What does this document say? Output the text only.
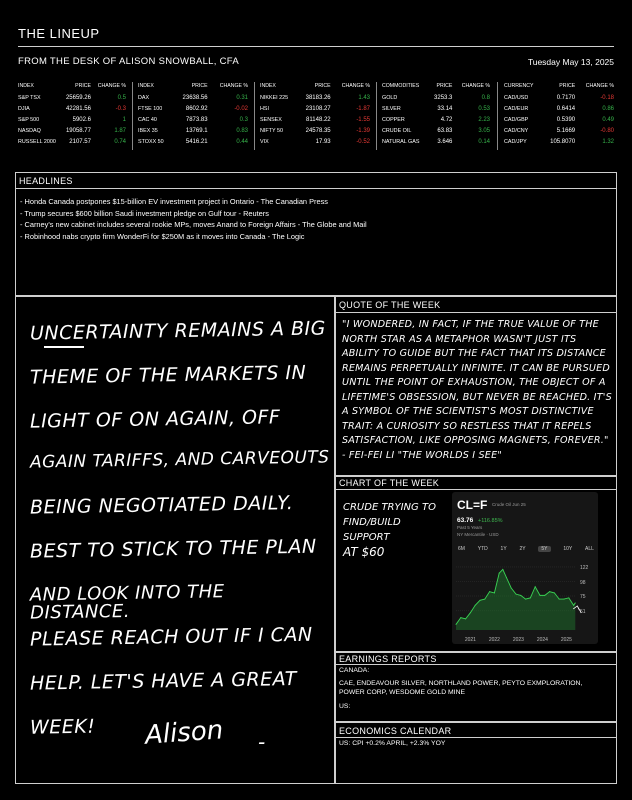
THE LINEUP
FROM THE DESK OF ALISON SNOWBALL, CFA	Tuesday May 13, 2025
INDEX	PRICE	CHANGE %
S&P TSX	25659.26	0.5
DJIA	42281.56	-0.3
S&P 500	5902.6	1
NASDAQ	19058.77	1.87
RUSSELL 2000	2107.57	0.74
INDEX	PRICE	CHANGE %
DAX	23638.56	0.31
FTSE 100	8602.92	-0.02
CAC 40	7873.83	0.3
IBEX 35	13769.1	0.83
STOXX 50	5416.21	0.44
INDEX	PRICE	CHANGE %
NIKKEI 225	38183.26	1.43
HSI	23108.27	-1.87
SENSEX	81148.22	-1.55
NIFTY 50	24578.35	-1.39
VIX	17.93	-0.52
COMMODITIES	PRICE	CHANGE %
GOLD	3253.3	0.8
SILVER	33.14	0.53
COPPER	4.72	2.23
CRUDE OIL	63.83	3.05
NATURAL GAS	3.646	0.14
CURRENCY	PRICE	CHANGE %
CAD/USD	0.7170	-0.18
CAD/EUR	0.6414	0.86
CAD/GBP	0.5390	0.49
CAD/CNY	5.1669	-0.80
CAD/JPY	105.8070	1.32
HEADLINES
- Honda Canada postpones $15-billion EV investment project in Ontario - The Canadian Press
- Trump secures $600 billion Saudi investment pledge on Gulf tour - Reuters
- Carney's new cabinet includes several rookie MPs, moves Anand to Foreign Affairs - The Globe and Mail
- Robinhood nabs crypto firm WonderFi for $250M as it moves into Canada - The Logic
UNCERTAINTY REMAINS A BIG
THEME OF THE MARKETS IN
LIGHT OF ON AGAIN, OFF
AGAIN TARIFFS, AND CARVEOUTS
BEING NEGOTIATED DAILY.
BEST TO STICK TO THE PLAN
AND LOOK INTO THE DISTANCE.
PLEASE REACH OUT IF I CAN
HELP. LET'S HAVE A GREAT
WEEK!	Alison -
QUOTE OF THE WEEK
"I WONDERED, IN FACT, IF THE TRUE VALUE OF THE NORTH STAR AS A METAPHOR WASN'T JUST ITS ABILITY TO GUIDE BUT THE FACT THAT ITS DISTANCE REMAINS PERPETUALLY INFINITE. IT CAN BE PURSUED UNTIL THE POINT OF EXHAUSTION, THE OBJECT OF A LIFETIME'S OBSESSION, BUT NEVER BE REACHED. IT'S A SYMBOL OF THE SCIENTIST'S MOST DISTINCTIVE TRAIT: A CURIOSITY SO RESTLESS THAT IT REPELS SATISFACTION, LIKE OPPOSING MAGNETS, FOREVER." - FEI-FEI LI "THE WORLDS I SEE"
CHART OF THE WEEK
CRUDE TRYING TO
FIND/BUILD SUPPORT
AT $60
CL=F Crude Oil Jun 25
63.76 +116.85%
Past 5 Years
NY Mercantile · USD
6M	YTD	1Y	2Y	5Y	10Y	ALL
51
75
98
122
2021	2022	2023	2024	2025
EARNINGS REPORTS
CANADA:
CAE, ENDEAVOUR SILVER, NORTHLAND POWER, PEYTO EXMPLORATION, POWER CORP, WESDOME GOLD MINE
US:
ECONOMICS CALENDAR
US: CPI +0.2% APRIL, +2.3% YOY
